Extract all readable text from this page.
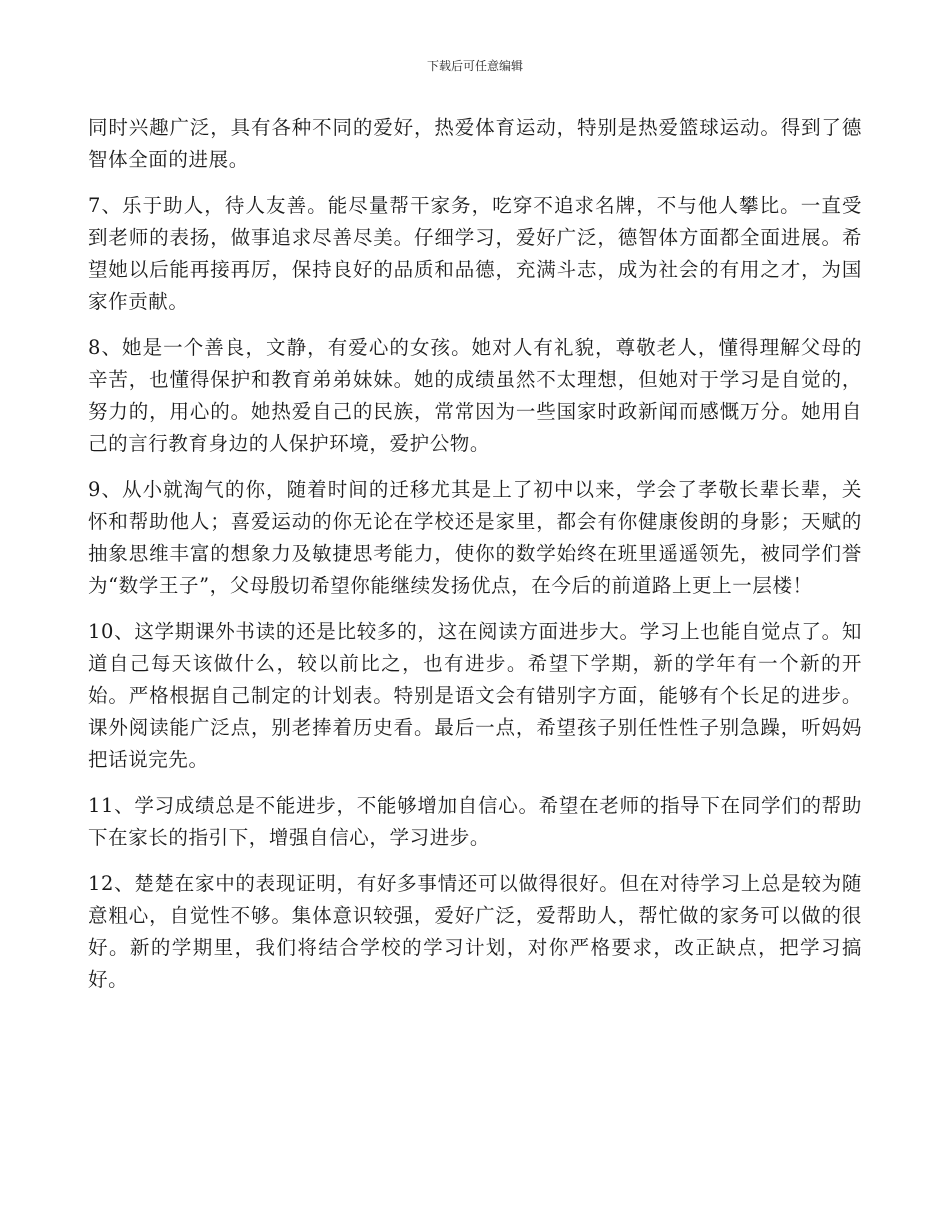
下载后可任意编辑

同时兴趣广泛，具有各种不同的爱好，热爱体育运动，特别是热爱篮球运动。得到了德智体全面的进展。

7、乐于助人，待人友善。能尽量帮干家务，吃穿不追求名牌，不与他人攀比。一直受到老师的表扬，做事追求尽善尽美。仔细学习，爱好广泛，德智体方面都全面进展。希望她以后能再接再厉，保持良好的品质和品德，充满斗志，成为社会的有用之才，为国家作贡献。

8、她是一个善良，文静，有爱心的女孩。她对人有礼貌，尊敬老人，懂得理解父母的辛苦，也懂得保护和教育弟弟妹妹。她的成绩虽然不太理想，但她对于学习是自觉的，努力的，用心的。她热爱自己的民族，常常因为一些国家时政新闻而感慨万分。她用自己的言行教育身边的人保护环境，爱护公物。

9、从小就淘气的你，随着时间的迁移尤其是上了初中以来，学会了孝敬长辈长辈，关怀和帮助他人；喜爱运动的你无论在学校还是家里，都会有你健康俊朗的身影；天赋的抽象思维丰富的想象力及敏捷思考能力，使你的数学始终在班里遥遥领先，被同学们誉为“数学王子”，父母殷切希望你能继续发扬优点，在今后的前道路上更上一层楼！

10、这学期课外书读的还是比较多的，这在阅读方面进步大。学习上也能自觉点了。知道自己每天该做什么，较以前比之，也有进步。希望下学期，新的学年有一个新的开始。严格根据自己制定的计划表。特别是语文会有错别字方面，能够有个长足的进步。课外阅读能广泛点，别老捧着历史看。最后一点，希望孩子别任性性子别急躁，听妈妈把话说完先。

11、学习成绩总是不能进步，不能够增加自信心。希望在老师的指导下在同学们的帮助下在家长的指引下，增强自信心，学习进步。

12、楚楚在家中的表现证明，有好多事情还可以做得很好。但在对待学习上总是较为随意粗心，自觉性不够。集体意识较强，爱好广泛，爱帮助人，帮忙做的家务可以做的很好。新的学期里，我们将结合学校的学习计划，对你严格要求，改正缺点，把学习搞好。
